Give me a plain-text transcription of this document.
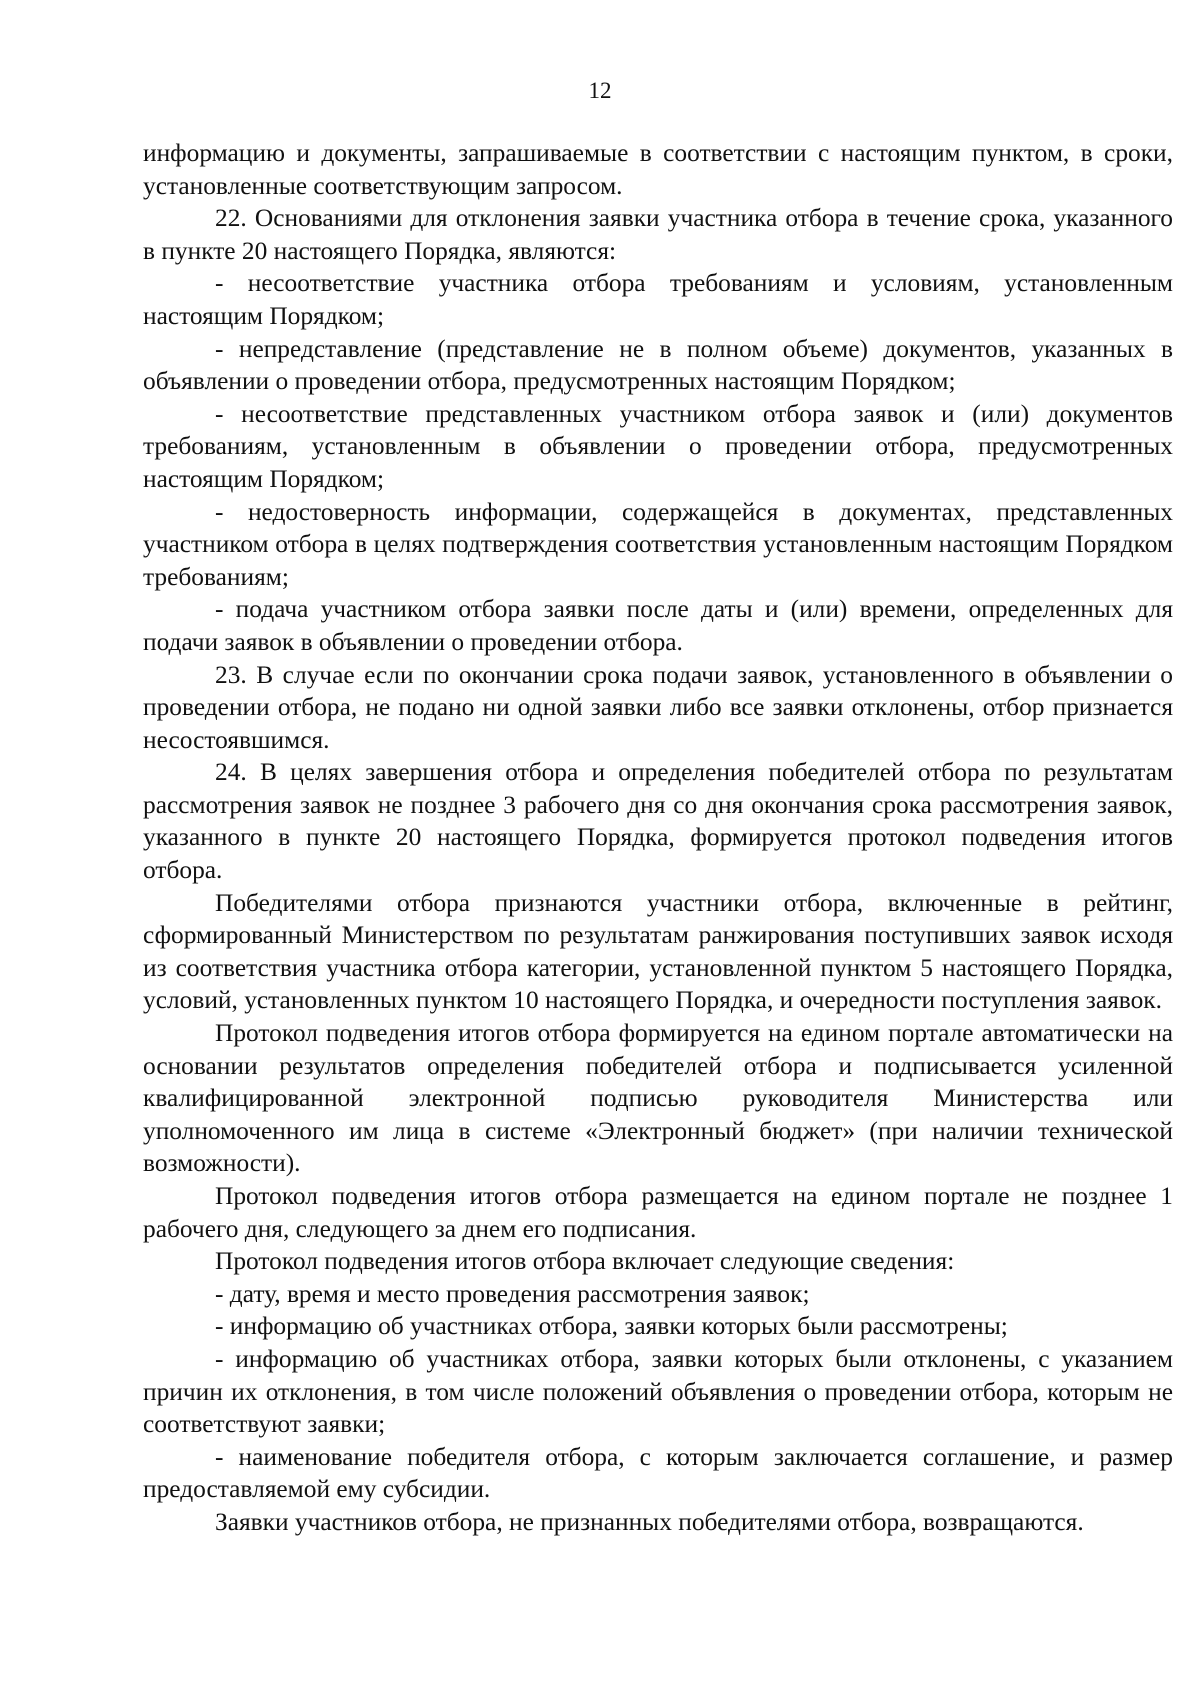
12

информацию и документы, запрашиваемые в соответствии с настоящим пунктом, в сроки, установленные соответствующим запросом.

22. Основаниями для отклонения заявки участника отбора в течение срока, указанного в пункте 20 настоящего Порядка, являются:

- несоответствие участника отбора требованиям и условиям, установленным настоящим Порядком;

- непредставление (представление не в полном объеме) документов, указанных в объявлении о проведении отбора, предусмотренных настоящим Порядком;

- несоответствие представленных участником отбора заявок и (или) документов требованиям, установленным в объявлении о проведении отбора, предусмотренных настоящим Порядком;

- недостоверность информации, содержащейся в документах, представленных участником отбора в целях подтверждения соответствия установленным настоящим Порядком требованиям;

- подача участником отбора заявки после даты и (или) времени, определенных для подачи заявок в объявлении о проведении отбора.

23. В случае если по окончании срока подачи заявок, установленного в объявлении о проведении отбора, не подано ни одной заявки либо все заявки отклонены, отбор признается несостоявшимся.

24. В целях завершения отбора и определения победителей отбора по результатам рассмотрения заявок не позднее 3 рабочего дня со дня окончания срока рассмотрения заявок, указанного в пункте 20 настоящего Порядка, формируется протокол подведения итогов отбора.

Победителями отбора признаются участники отбора, включенные в рейтинг, сформированный Министерством по результатам ранжирования поступивших заявок исходя из соответствия участника отбора категории, установленной пунктом 5 настоящего Порядка, условий, установленных пунктом 10 настоящего Порядка, и очередности поступления заявок.

Протокол подведения итогов отбора формируется на едином портале автоматически на основании результатов определения победителей отбора и подписывается усиленной квалифицированной электронной подписью руководителя Министерства или уполномоченного им лица в системе «Электронный бюджет» (при наличии технической возможности).

Протокол подведения итогов отбора размещается на едином портале не позднее 1 рабочего дня, следующего за днем его подписания.

Протокол подведения итогов отбора включает следующие сведения:

- дату, время и место проведения рассмотрения заявок;

- информацию об участниках отбора, заявки которых были рассмотрены;

- информацию об участниках отбора, заявки которых были отклонены, с указанием причин их отклонения, в том числе положений объявления о проведении отбора, которым не соответствуют заявки;

- наименование победителя отбора, с которым заключается соглашение, и размер предоставляемой ему субсидии.

Заявки участников отбора, не признанных победителями отбора, возвращаются.
